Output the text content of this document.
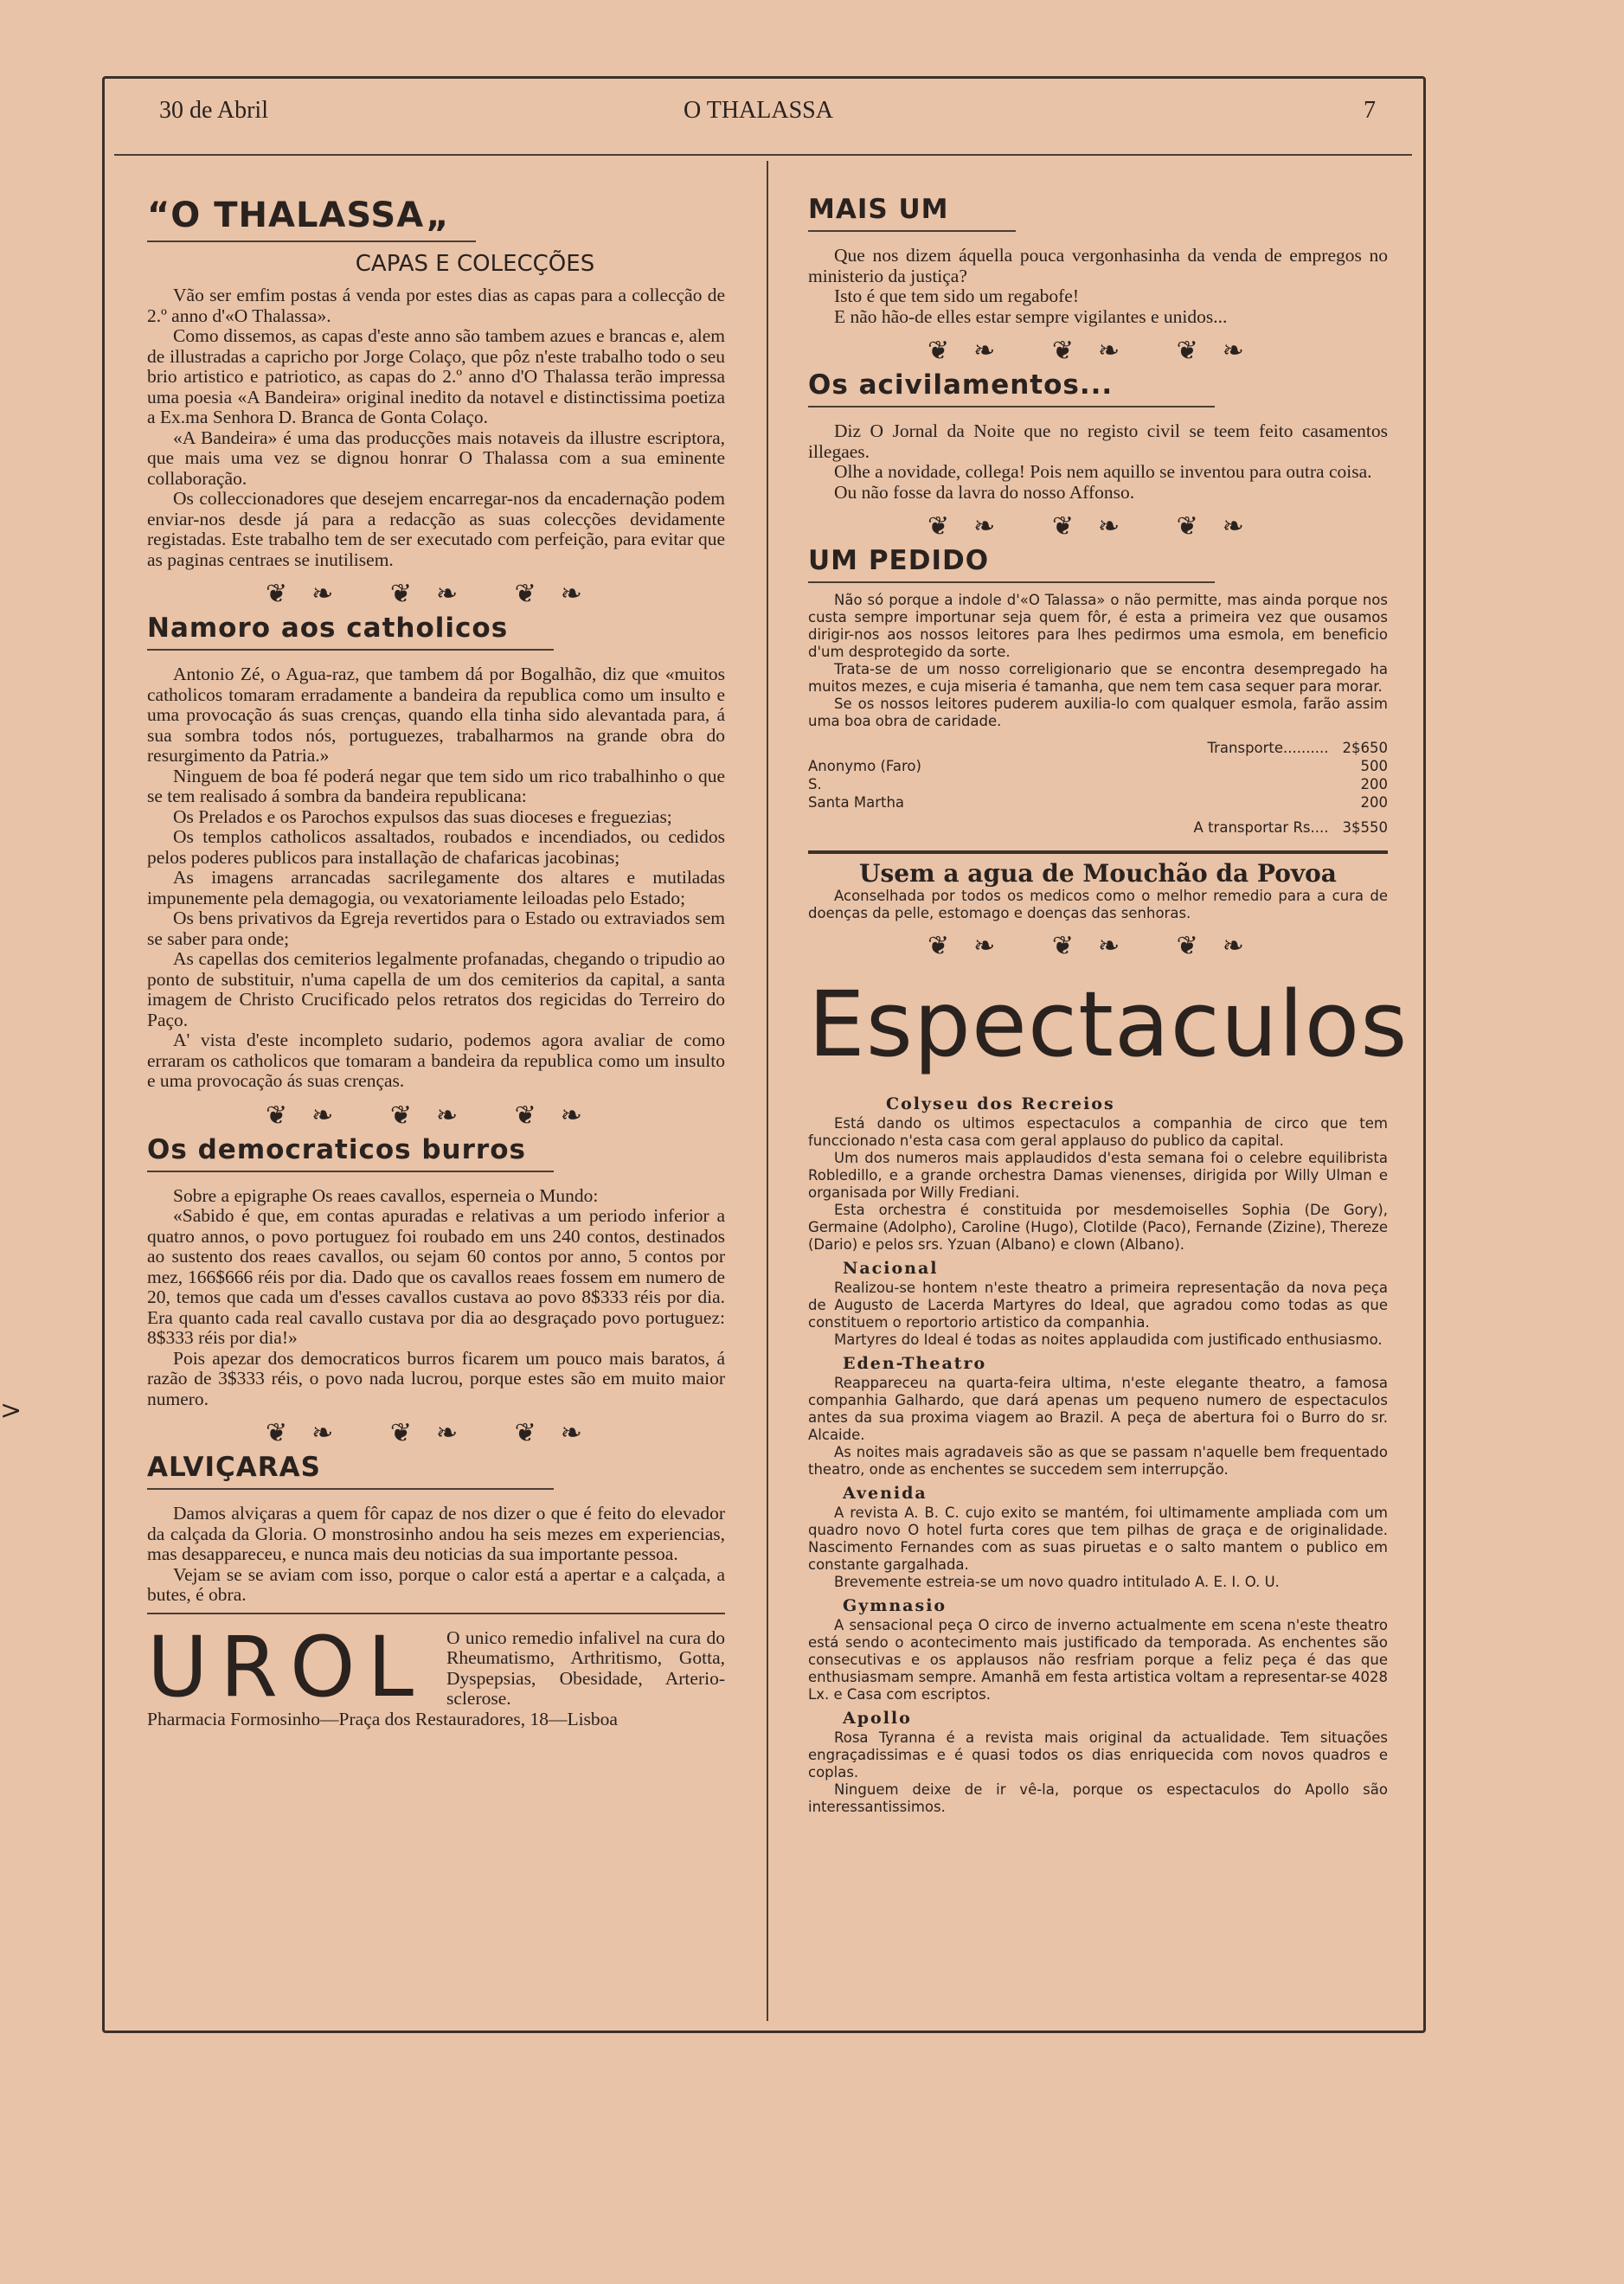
30 de Abril	O THALASSA	7
>
“O THALASSA„
CAPAS E COLECÇÕES

Vão ser emfim postas á venda por estes dias as capas para a collecção de 2.º anno d'«O Thalassa».

Como dissemos, as capas d'este anno são tambem azues e brancas e, alem de illustradas a capricho por Jorge Colaço, que pôz n'este trabalho todo o seu brio artistico e patriotico, as capas do 2.º anno d'O Thalassa terão impressa uma poesia «A Bandeira» original inedito da notavel e distinctissima poetiza a Ex.ma Senhora D. Branca de Gonta Colaço.

«A Bandeira» é uma das producções mais notaveis da illustre escriptora, que mais uma vez se dignou honrar O Thalassa com a sua eminente collaboração.

Os colleccionadores que desejem encarregar-nos da encadernação podem enviar-nos desde já para a redacção as suas colecções devidamente registadas. Este trabalho tem de ser executado com perfeição, para evitar que as paginas centraes se inutilisem.

❦❧ ❦❧ ❦❧
Namoro aos catholicos

Antonio Zé, o Agua-raz, que tambem dá por Bogalhão, diz que «muitos catholicos tomaram erradamente a bandeira da republica como um insulto e uma provocação ás suas crenças, quando ella tinha sido alevantada para, á sua sombra todos nós, portuguezes, trabalharmos na grande obra do resurgimento da Patria.»

Ninguem de boa fé poderá negar que tem sido um rico trabalhinho o que se tem realisado á sombra da bandeira republicana:

Os Prelados e os Parochos expulsos das suas dioceses e freguezias;

Os templos catholicos assaltados, roubados e incendiados, ou cedidos pelos poderes publicos para installação de chafaricas jacobinas;

As imagens arrancadas sacrilegamente dos altares e mutiladas impunemente pela demagogia, ou vexatoriamente leiloadas pelo Estado;

Os bens privativos da Egreja revertidos para o Estado ou extraviados sem se saber para onde;

As capellas dos cemiterios legalmente profanadas, chegando o tripudio ao ponto de substituir, n'uma capella de um dos cemiterios da capital, a santa imagem de Christo Crucificado pelos retratos dos regicidas do Terreiro do Paço.

A' vista d'este incompleto sudario, podemos agora avaliar de como erraram os catholicos que tomaram a bandeira da republica como um insulto e uma provocação ás suas crenças.

❦❧ ❦❧ ❦❧
Os democraticos burros

Sobre a epigraphe Os reaes cavallos, esperneia o Mundo:

«Sabido é que, em contas apuradas e relativas a um periodo inferior a quatro annos, o povo portuguez foi roubado em uns 240 contos, destinados ao sustento dos reaes cavallos, ou sejam 60 contos por anno, 5 contos por mez, 166$666 réis por dia. Dado que os cavallos reaes fossem em numero de 20, temos que cada um d'esses cavallos custava ao povo 8$333 réis por dia. Era quanto cada real cavallo custava por dia ao desgraçado povo portuguez: 8$333 réis por dia!»

Pois apezar dos democraticos burros ficarem um pouco mais baratos, á razão de 3$333 réis, o povo nada lucrou, porque estes são em muito maior numero.

❦❧ ❦❧ ❦❧
ALVIÇARAS

Damos alviçaras a quem fôr capaz de nos dizer o que é feito do elevador da calçada da Gloria. O monstrosinho andou ha seis mezes em experiencias, mas desappareceu, e nunca mais deu noticias da sua importante pessoa.

Vejam se se aviam com isso, porque o calor está a apertar e a calçada, a butes, é obra.

UROL O unico remedio infalivel na cura do Rheumatismo, Arthritismo, Gotta, Dyspepsias, Obesidade, Arterio-sclerose.

Pharmacia Formosinho—Praça dos Restauradores, 18—Lisboa

MAIS UM

Que nos dizem áquella pouca vergonhasinha da venda de empregos no ministerio da justiça?

Isto é que tem sido um regabofe!

E não hão-de elles estar sempre vigilantes e unidos...

❦❧ ❦❧ ❦❧
Os acivilamentos...

Diz O Jornal da Noite que no registo civil se teem feito casamentos illegaes.

Olhe a novidade, collega! Pois nem aquillo se inventou para outra coisa.

Ou não fosse da lavra do nosso Affonso.

❦❧ ❦❧ ❦❧
UM PEDIDO

Não só porque a indole d'«O Talassa» o não permitte, mas ainda porque nos custa sempre importunar seja quem fôr, é esta a primeira vez que ousamos dirigir-nos aos nossos leitores para lhes pedirmos uma esmola, em beneficio d'um desprotegido da sorte.

Trata-se de um nosso correligionario que se encontra desempregado ha muitos mezes, e cuja miseria é tamanha, que nem tem casa sequer para morar.

Se os nossos leitores puderem auxilia-lo com qualquer esmola, farão assim uma boa obra de caridade.

Transporte.......... 2$650
Anonymo (Faro)	500
S.	200
Santa Martha	200
A transportar Rs.... 3$550
Usem a agua de Mouchão da Povoa

Aconselhada por todos os medicos como o melhor remedio para a cura de doenças da pelle, estomago e doenças das senhoras.

❦❧ ❦❧ ❦❧
Espectaculos
Colyseu dos Recreios

Está dando os ultimos espectaculos a companhia de circo que tem funccionado n'esta casa com geral applauso do publico da capital.

Um dos numeros mais applaudidos d'esta semana foi o celebre equilibrista Robledillo, e a grande orchestra Damas vienenses, dirigida por Willy Ulman e organisada por Willy Frediani.

Esta orchestra é constituida por mesdemoiselles Sophia (De Gory), Germaine (Adolpho), Caroline (Hugo), Clotilde (Paco), Fernande (Zizine), Thereze (Dario) e pelos srs. Yzuan (Albano) e clown (Albano).

Nacional

Realizou-se hontem n'este theatro a primeira representação da nova peça de Augusto de Lacerda Martyres do Ideal, que agradou como todas as que constituem o reportorio artistico da companhia.

Martyres do Ideal é todas as noites applaudida com justificado enthusiasmo.

Eden-Theatro

Reappareceu na quarta-feira ultima, n'este elegante theatro, a famosa companhia Galhardo, que dará apenas um pequeno numero de espectaculos antes da sua proxima viagem ao Brazil. A peça de abertura foi o Burro do sr. Alcaide.

As noites mais agradaveis são as que se passam n'aquelle bem frequentado theatro, onde as enchentes se succedem sem interrupção.

Avenida

A revista A. B. C. cujo exito se mantém, foi ultimamente ampliada com um quadro novo O hotel furta cores que tem pilhas de graça e de originalidade. Nascimento Fernandes com as suas piruetas e o salto mantem o publico em constante gargalhada.

Brevemente estreia-se um novo quadro intitulado A. E. I. O. U.

Gymnasio

A sensacional peça O circo de inverno actualmente em scena n'este theatro está sendo o acontecimento mais justificado da temporada. As enchentes são consecutivas e os applausos não resfriam porque a feliz peça é das que enthusiasmam sempre. Amanhã em festa artistica voltam a representar-se 4028 Lx. e Casa com escriptos.

Apollo

Rosa Tyranna é a revista mais original da actualidade. Tem situações engraçadissimas e é quasi todos os dias enriquecida com novos quadros e coplas.

Ninguem deixe de ir vê-la, porque os espectaculos do Apollo são interessantissimos.
